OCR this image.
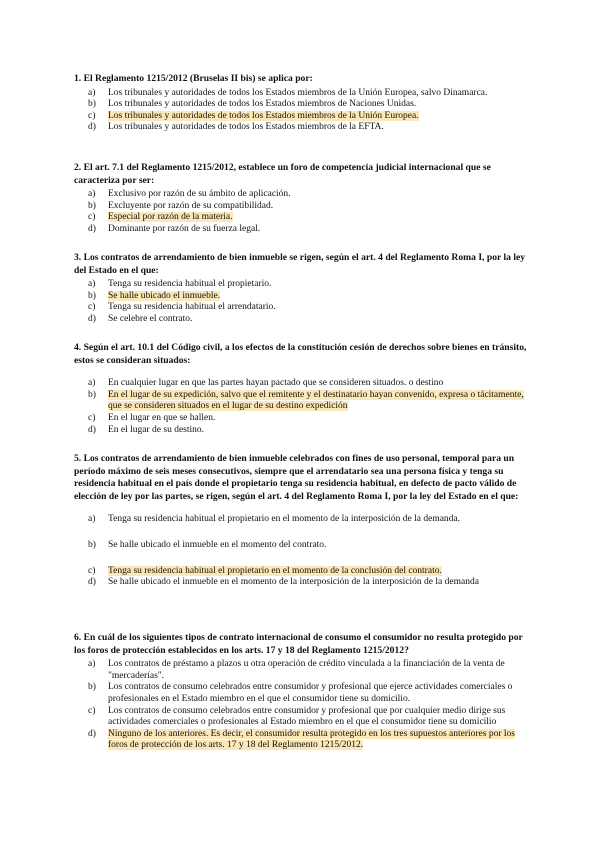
1. El Reglamento 1215/2012 (Bruselas II bis) se aplica por:

a) Los tribunales y autoridades de todos los Estados miembros de la Unión Europea, salvo Dinamarca.
b) Los tribunales y autoridades de todos los Estados miembros de Naciones Unidas.
c) Los tribunales y autoridades de todos los Estados miembros de la Unión Europea.
d) Los tribunales y autoridades de todos los Estados miembros de la EFTA.

2. El art. 7.1 del Reglamento 1215/2012, establece un foro de competencia judicial internacional que se caracteriza por ser:

a) Exclusivo por razón de su ámbito de aplicación.
b) Excluyente por razón de su compatibilidad.
c) Especial por razón de la materia.
d) Dominante por razón de su fuerza legal.

3. Los contratos de arrendamiento de bien inmueble se rigen, según el art. 4 del Reglamento Roma I, por la ley del Estado en el que:

a) Tenga su residencia habitual el propietario.
b) Se halle ubicado el inmueble.
c) Tenga su residencia habitual el arrendatario.
d) Se celebre el contrato.

4. Según el art. 10.1 del Código civil, a los efectos de la constitución cesión de derechos sobre bienes en tránsito, estos se consideran situados:

a) En cualquier lugar en que las partes hayan pactado que se consideren situados. o destino
b) En el lugar de su expedición, salvo que el remitente y el destinatario hayan convenido, expresa o tácitamente, que se consideren situados en el lugar de su destino expedición
c) En el lugar en que se hallen.
d) En el lugar de su destino.

5. Los contratos de arrendamiento de bien inmueble celebrados con fines de uso personal, temporal para un período máximo de seis meses consecutivos, siempre que el arrendatario sea una persona física y tenga su residencia habitual en el país donde el propietario tenga su residencia habitual, en defecto de pacto válido de elección de ley por las partes, se rigen, según el art. 4 del Reglamento Roma I, por la ley del Estado en el que:

a) Tenga su residencia habitual el propietario en el momento de la interposición de la demanda.
b) Se halle ubicado el inmueble en el momento del contrato.
c) Tenga su residencia habitual el propietario en el momento de la conclusión del contrato.
d) Se halle ubicado el inmueble en el momento de la interposición de la interposición de la demanda

6. En cuál de los siguientes tipos de contrato internacional de consumo el consumidor no resulta protegido por los foros de protección establecidos en los arts. 17 y 18 del Reglamento 1215/2012?

a) Los contratos de préstamo a plazos u otra operación de crédito vinculada a la financiación de la venta de "mercaderías".
b) Los contratos de consumo celebrados entre consumidor y profesional que ejerce actividades comerciales o profesionales en el Estado miembro en el que el consumidor tiene su domicilio.
c) Los contratos de consumo celebrados entre consumidor y profesional que por cualquier medio dirige sus actividades comerciales o profesionales al Estado miembro en el que el consumidor tiene su domicilio
d) Ninguno de los anteriores. Es decir, el consumidor resulta protegido en los tres supuestos anteriores por los foros de protección de los arts. 17 y 18 del Reglamento 1215/2012.
